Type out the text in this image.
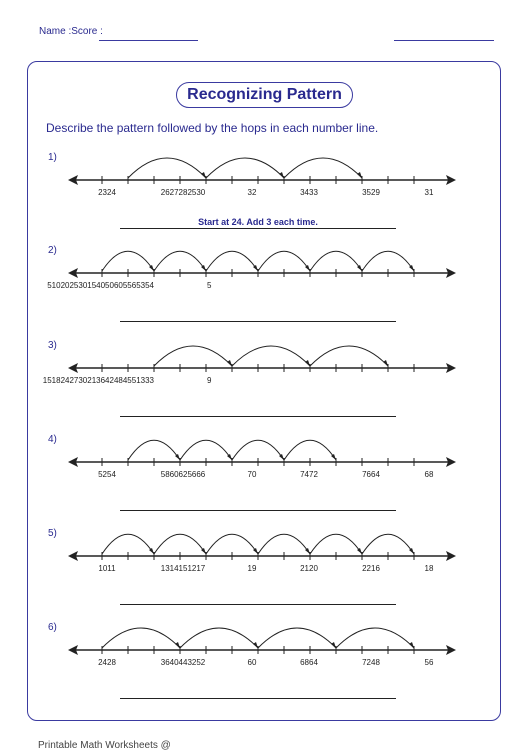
Name :Score :
Recognizing Pattern
Describe the pattern followed by the hops in each number line.
1)
2324	2627282530	32	3433	3529	31
Start at 24. Add 3 each time.
2)
510202530154050605565354	5
3)
1518242730213642484551333	9
4)
5254	5860625666	70	7472	7664	68
5)
1011	1314151217	19	2120	2216	18
6)
2428	3640443252	60	6864	7248	56
Printable Math Worksheets @
